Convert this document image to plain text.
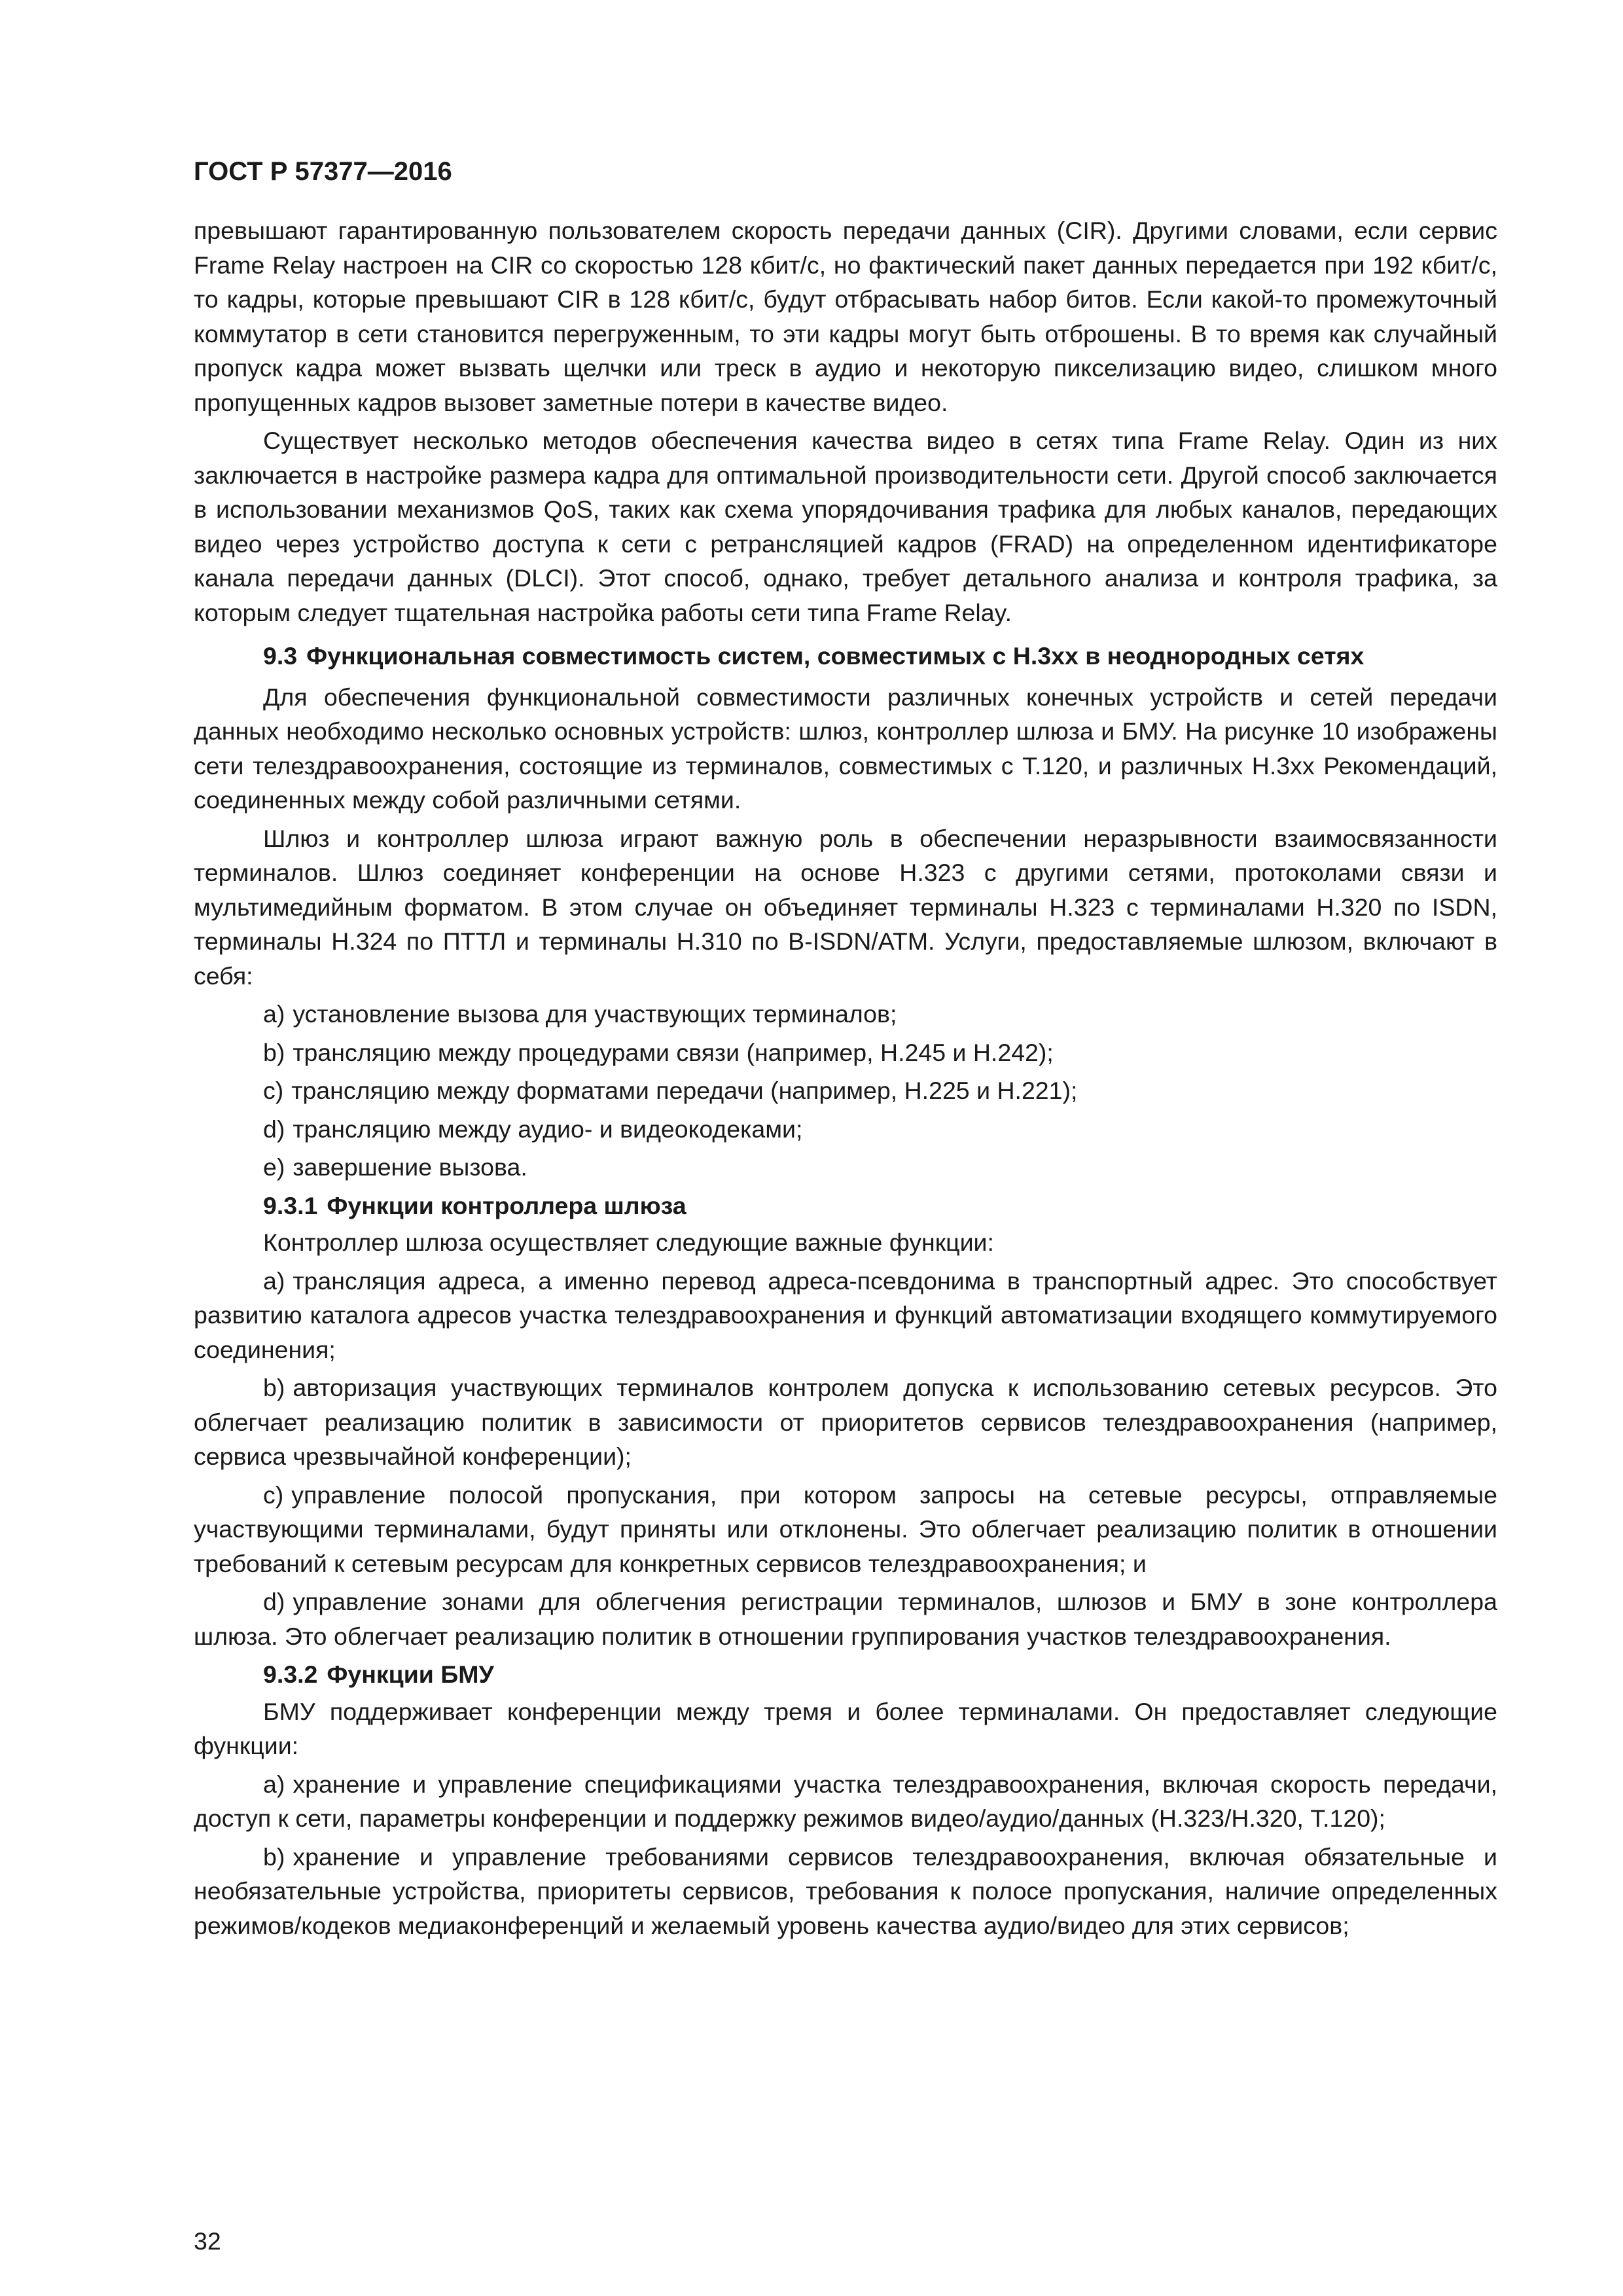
ГОСТ Р 57377—2016

превышают гарантированную пользователем скорость передачи данных (CIR). Другими словами, если сервис Frame Relay настроен на CIR со скоростью 128 кбит/с, но фактический пакет данных передается при 192 кбит/с, то кадры, которые превышают CIR в 128 кбит/с, будут отбрасывать набор битов. Если какой-то промежуточный коммутатор в сети становится перегруженным, то эти кадры могут быть отброшены. В то время как случайный пропуск кадра может вызвать щелчки или треск в аудио и некоторую пикселизацию видео, слишком много пропущенных кадров вызовет заметные потери в качестве видео.

Существует несколько методов обеспечения качества видео в сетях типа Frame Relay. Один из них заключается в настройке размера кадра для оптимальной производительности сети. Другой способ заключается в использовании механизмов QoS, таких как схема упорядочивания трафика для любых каналов, передающих видео через устройство доступа к сети с ретрансляцией кадров (FRAD) на определенном идентификаторе канала передачи данных (DLCI). Этот способ, однако, требует детального анализа и контроля трафика, за которым следует тщательная настройка работы сети типа Frame Relay.

9.3 Функциональная совместимость систем, совместимых с Н.3хх в неоднородных сетях

Для обеспечения функциональной совместимости различных конечных устройств и сетей передачи данных необходимо несколько основных устройств: шлюз, контроллер шлюза и БМУ. На рисунке 10 изображены сети телездравоохранения, состоящие из терминалов, совместимых с Т.120, и различных Н.3хх Рекомендаций, соединенных между собой различными сетями.

Шлюз и контроллер шлюза играют важную роль в обеспечении неразрывности взаимосвязанности терминалов. Шлюз соединяет конференции на основе Н.323 с другими сетями, протоколами связи и мультимедийным форматом. В этом случае он объединяет терминалы Н.323 с терминалами Н.320 по ISDN, терминалы Н.324 по ПТТЛ и терминалы Н.310 по B-ISDN/ATM. Услуги, предоставляемые шлюзом, включают в себя:

a) установление вызова для участвующих терминалов;

b) трансляцию между процедурами связи (например, Н.245 и Н.242);

c) трансляцию между форматами передачи (например, Н.225 и Н.221);

d) трансляцию между аудио- и видеокодеками;

e) завершение вызова.

9.3.1 Функции контроллера шлюза

Контроллер шлюза осуществляет следующие важные функции:

a) трансляция адреса, а именно перевод адреса-псевдонима в транспортный адрес. Это способствует развитию каталога адресов участка телездравоохранения и функций автоматизации входящего коммутируемого соединения;

b) авторизация участвующих терминалов контролем допуска к использованию сетевых ресурсов. Это облегчает реализацию политик в зависимости от приоритетов сервисов телездравоохранения (например, сервиса чрезвычайной конференции);

c) управление полосой пропускания, при котором запросы на сетевые ресурсы, отправляемые участвующими терминалами, будут приняты или отклонены. Это облегчает реализацию политик в отношении требований к сетевым ресурсам для конкретных сервисов телездравоохранения; и

d) управление зонами для облегчения регистрации терминалов, шлюзов и БМУ в зоне контроллера шлюза. Это облегчает реализацию политик в отношении группирования участков телездравоохранения.

9.3.2 Функции БМУ

БМУ поддерживает конференции между тремя и более терминалами. Он предоставляет следующие функции:

a) хранение и управление спецификациями участка телездравоохранения, включая скорость передачи, доступ к сети, параметры конференции и поддержку режимов видео/аудио/данных (Н.323/Н.320, Т.120);

b) хранение и управление требованиями сервисов телездравоохранения, включая обязательные и необязательные устройства, приоритеты сервисов, требования к полосе пропускания, наличие определенных режимов/кодеков медиаконференций и желаемый уровень качества аудио/видео для этих сервисов;

32
